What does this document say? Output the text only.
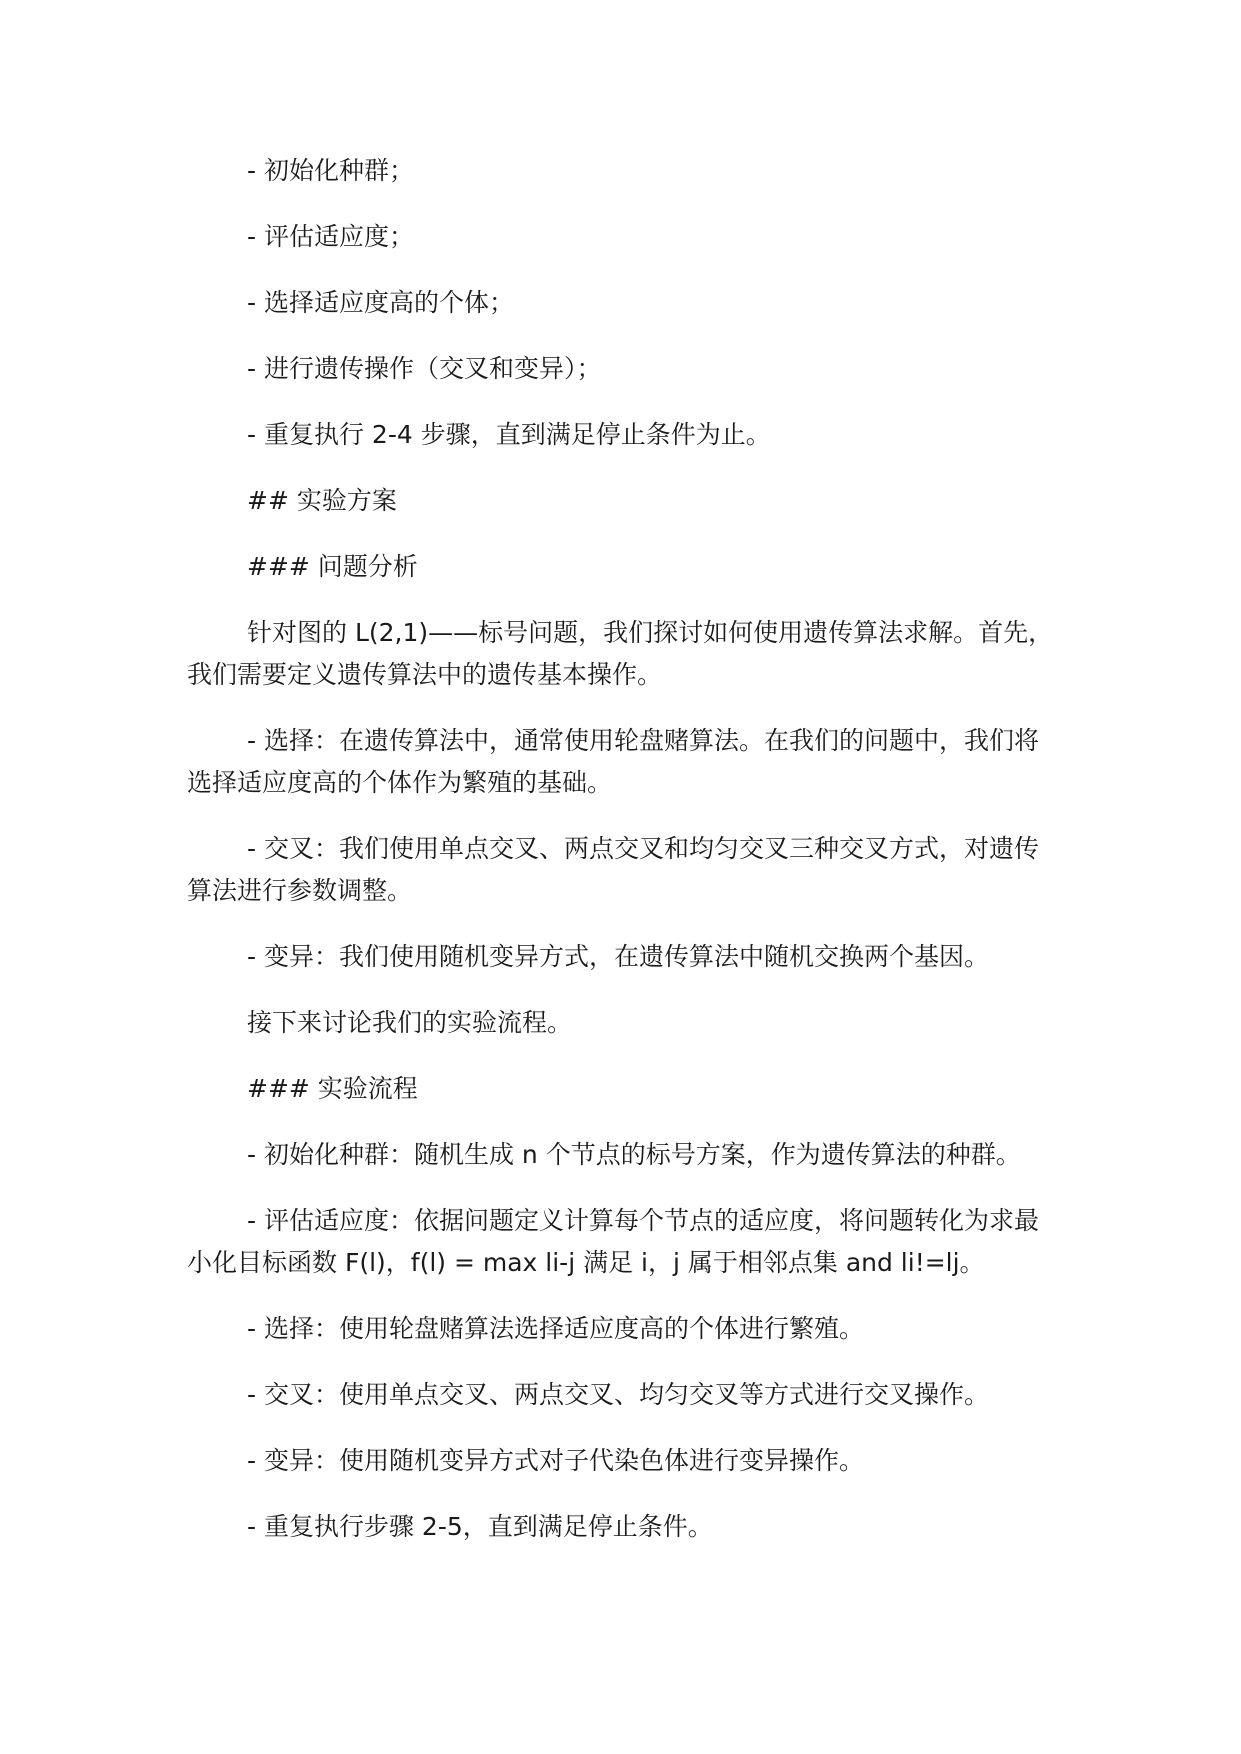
- 初始化种群；

- 评估适应度；

- 选择适应度高的个体；

- 进行遗传操作（交叉和变异）；

- 重复执行 2-4 步骤，直到满足停止条件为止。

## 实验方案

### 问题分析

针对图的 L(2,1)——标号问题，我们探讨如何使用遗传算法求解。首先，我们需要定义遗传算法中的遗传基本操作。

- 选择：在遗传算法中，通常使用轮盘赌算法。在我们的问题中，我们将选择适应度高的个体作为繁殖的基础。

- 交叉：我们使用单点交叉、两点交叉和均匀交叉三种交叉方式，对遗传算法进行参数调整。

- 变异：我们使用随机变异方式，在遗传算法中随机交换两个基因。

接下来讨论我们的实验流程。

### 实验流程

- 初始化种群：随机生成 n 个节点的标号方案，作为遗传算法的种群。

- 评估适应度：依据问题定义计算每个节点的适应度，将问题转化为求最小化目标函数 F(l)，f(l) = max li-j 满足 i，j 属于相邻点集 and li!=lj。

- 选择：使用轮盘赌算法选择适应度高的个体进行繁殖。

- 交叉：使用单点交叉、两点交叉、均匀交叉等方式进行交叉操作。

- 变异：使用随机变异方式对子代染色体进行变异操作。

- 重复执行步骤 2-5，直到满足停止条件。
